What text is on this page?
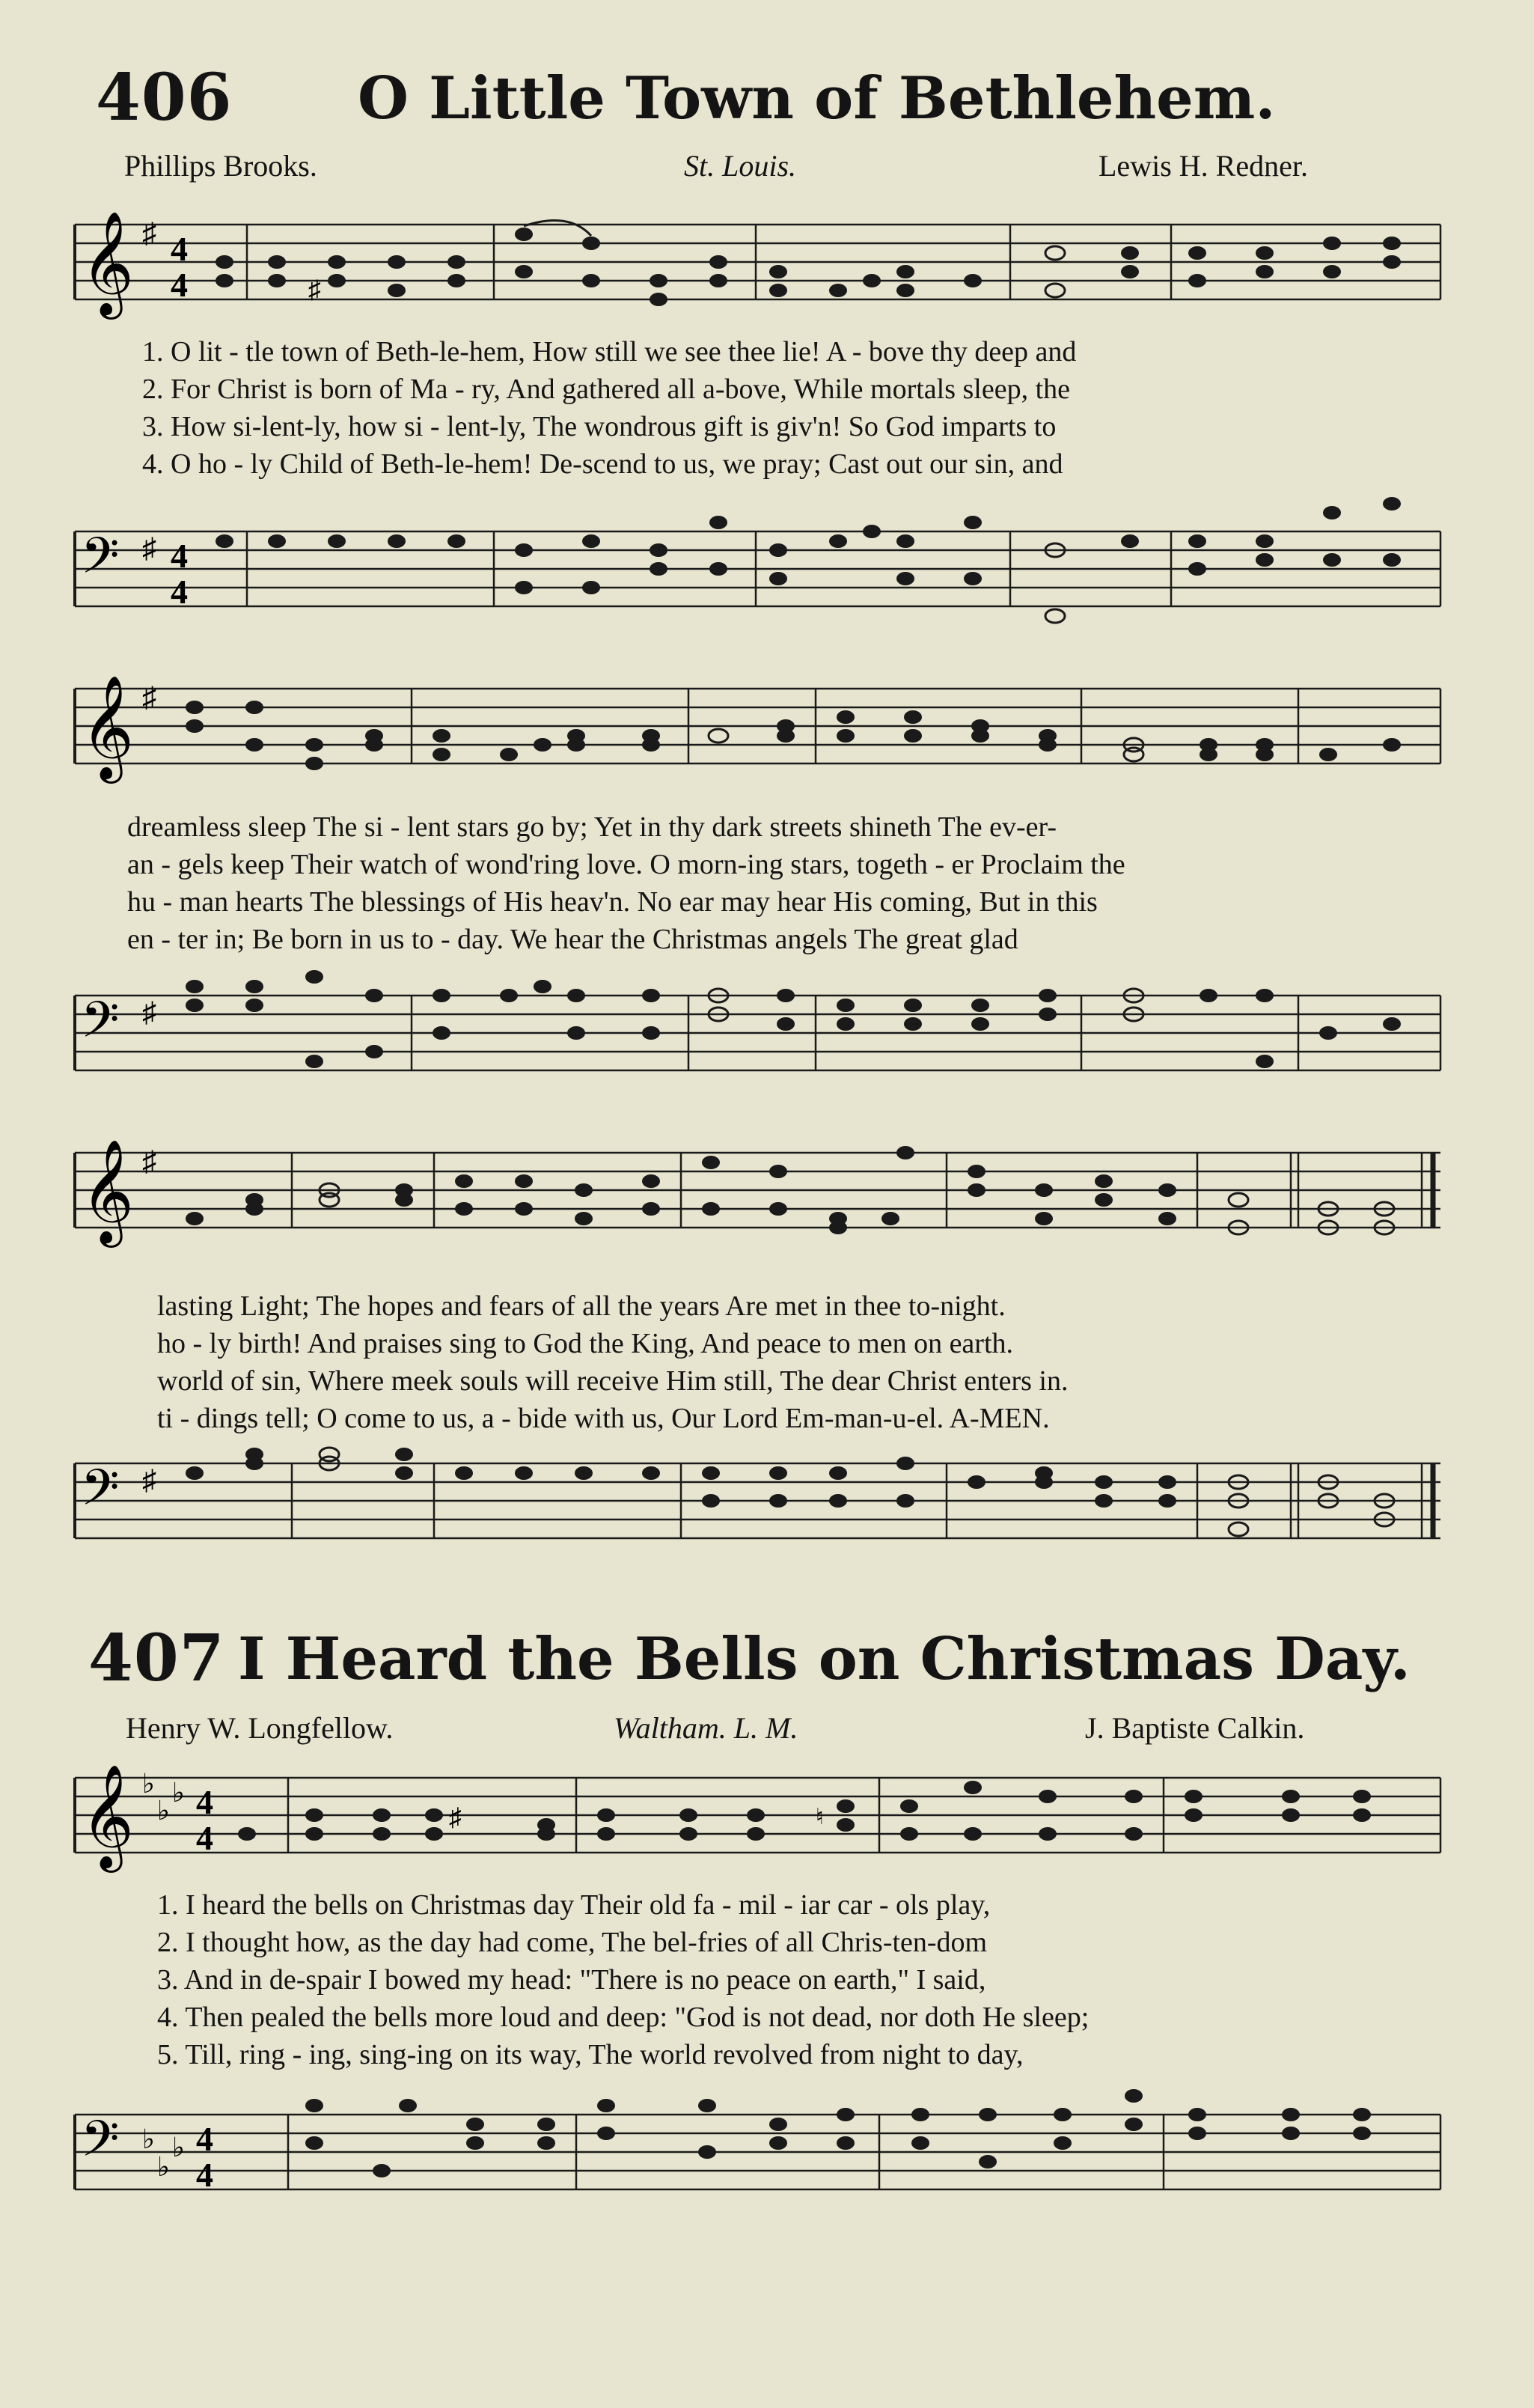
406 O Little Town of Bethlehem.
Phillips Brooks.	St. Louis.	Lewis H. Redner.
𝄞 ♯ 4
4	♯
1. O lit - tle town of Beth-le-hem, How still we see thee lie! A - bove thy deep and
2. For Christ is born of Ma - ry, And gathered all a-bove, While mortals sleep, the
3. How si-lent-ly, how si - lent-ly, The wondrous gift is giv'n! So God imparts to
4. O ho - ly Child of Beth-le-hem! De-scend to us, we pray; Cast out our sin, and
𝄢 ♯ 4
4
𝄞 ♯
dreamless sleep The si - lent stars go by; Yet in thy dark streets shineth The ev-er-
an - gels keep Their watch of wond'ring love. O morn-ing stars, togeth - er Proclaim the
hu - man hearts The blessings of His heav'n. No ear may hear His coming, But in this
en - ter in; Be born in us to - day. We hear the Christmas angels The great glad
𝄢 ♯
𝄞 ♯
lasting Light; The hopes and fears of all the years Are met in thee to-night.
ho - ly birth! And praises sing to God the King, And peace to men on earth.
world of sin, Where meek souls will receive Him still, The dear Christ enters in.
ti - dings tell; O come to us, a - bide with us, Our Lord Em-man-u-el. A-MEN.
𝄢 ♯
407 I Heard the Bells on Christmas Day.
Henry W. Longfellow.	Waltham. L. M.	J. Baptiste Calkin.
𝄞 ♭
♭
♭ 4
4
♯	♮
1. I heard the bells on Christmas day Their old fa - mil - iar car - ols play,
2. I thought how, as the day had come, The bel-fries of all Chris-ten-dom
3. And in de-spair I bowed my head: "There is no peace on earth," I said,
4. Then pealed the bells more loud and deep: "God is not dead, nor doth He sleep;
5. Till, ring - ing, sing-ing on its way, The world revolved from night to day,
𝄢 ♭
♭
♭ 4
4
